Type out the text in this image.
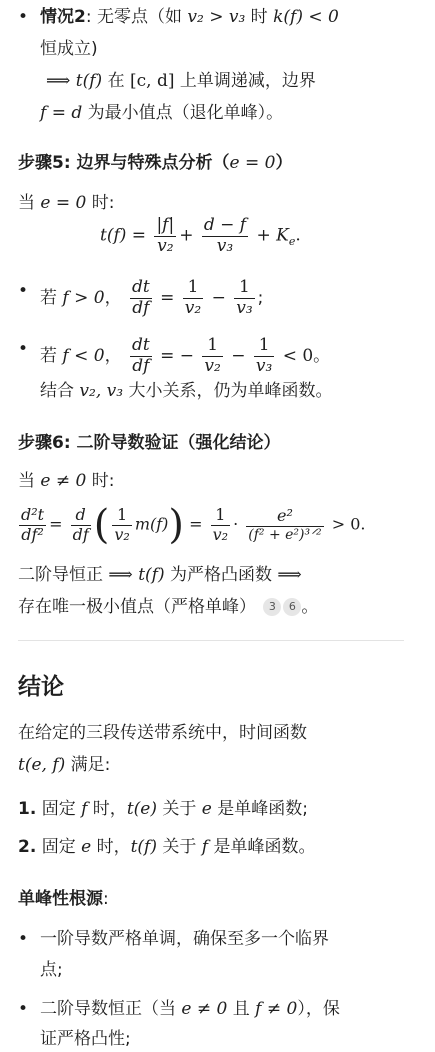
• 情况2: 无零点（如 v₂ > v₃ 时 k(f) < 0
恒成立)
⟹ t(f) 在 [c, d] 上单调递减，边界
f = d 为最小值点（退化单峰）。
步骤5: 边界与特殊点分析（e = 0）
当 e = 0 时:
$t(f) = \frac{|f|}{\text{v₂}} + \frac{d - f}{\text{v₃}} + K_e$.
• 若 f > 0， $\frac{dt}{df} = \frac{1}{\text{v₂}} - \frac{1}{\text{v₃}}$ ;
• 若 f < 0， $\frac{dt}{df}$ = − $\frac{1}{\text{v₂}} - \frac{1}{\text{v₃}} < 0$。
结合 v₂, v₃ 大小关系，仍为单峰函数。
步骤6: 二阶导数验证（强化结论）
当 e ≠ 0 时:
$\frac{\text{d²t}}{\text{df²}} = \frac{d}{df}$ ( $\frac{1}{\text{v₂}} m(f)) = \frac{1}{\text{v₂}} \cdot \frac{\text{e²}}{\text{(f² + e²)³ᐟ²}} > 0$.
二阶导恒正 ⟹ t(f) 为严格凸函数 ⟹
存在唯一极小值点（严格单峰） 3 6 。
结论
在给定的三段传送带系统中，时间函数
t(e, f) 满足:
1. 固定 f 时，t(e) 关于 e 是单峰函数;
2. 固定 e 时，t(f) 关于 f 是单峰函数。
单峰性根源:
• 一阶导数严格单调，确保至多一个临界
点;
• 二阶导数恒正（当 e ≠ 0 且 f ≠ 0），保
证严格凸性;
